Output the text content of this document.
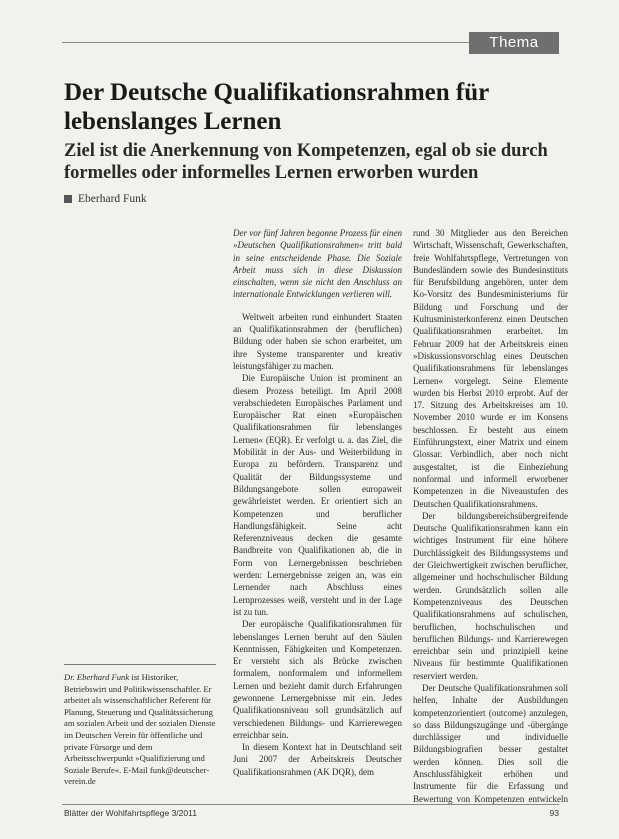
Thema
Der Deutsche Qualifikationsrahmen für lebenslanges Lernen
Ziel ist die Anerkennung von Kompetenzen, egal ob sie durch formelles oder informelles Lernen erworben wurden
Eberhard Funk

Der vor fünf Jahren begonne Prozess für einen »Deutschen Qualifikationsrahmen« tritt bald in seine entscheidende Phase. Die Soziale Arbeit muss sich in diese Diskussion einschalten, wenn sie nicht den Anschluss an internationale Entwicklungen verlieren will.

Weltweit arbeiten rund einhundert Staaten an Qualifikationsrahmen der (beruflichen) Bildung oder haben sie schon erarbeitet, um ihre Systeme transparenter und kreativ leistungsfähiger zu machen.

Die Europäische Union ist prominent an diesem Prozess beteiligt. Im April 2008 verabschiedeten Europäisches Parlament und Europäischer Rat einen »Europäischen Qualifikationsrahmen für lebenslanges Lernen« (EQR). Er verfolgt u. a. das Ziel, die Mobilität in der Aus- und Weiterbildung in Europa zu befördern. Transparenz und Qualität der Bildungssysteme und Bildungsangebote sollen europaweit gewährleistet werden. Er orientiert sich an Kompetenzen und beruflicher Handlungsfähigkeit. Seine acht Referenzniveaus decken die gesamte Bandbreite von Qualifikationen ab, die in Form von Lernergebnissen beschrieben werden: Lernergebnisse zeigen an, was ein Lernender nach Abschluss eines Lernprozesses weiß, versteht und in der Lage ist zu tun.

Der europäische Qualifikationsrahmen für lebenslanges Lernen beruht auf den Säulen Kenntnissen, Fähigkeiten und Kompetenzen. Er versteht sich als Brücke zwischen formalem, nonformalem und informellem Lernen und bezieht damit durch Erfahrungen gewonnene Lernergebnisse mit ein. Jedes Qualifikationsniveau soll grundsätzlich auf verschiedenen Bildungs- und Karrierewegen erreichbar sein.

In diesem Kontext hat in Deutschland seit Juni 2007 der Arbeitskreis Deutscher Qualifikationsrahmen (AK DQR), dem

rund 30 Mitglieder aus den Bereichen Wirtschaft, Wissenschaft, Gewerkschaften, freie Wohlfahrtspflege, Vertretungen von Bundesländern sowie des Bundesinstituts für Berufsbildung angehören, unter dem Ko-Vorsitz des Bundesministeriums für Bildung und Forschung und der Kultusministerkonferenz einen Deutschen Qualifikationsrahmen erarbeitet. Im Februar 2009 hat der Arbeitskreis einen »Diskussionsvorschlag eines Deutschen Qualifikationsrahmens für lebenslanges Lernen« vorgelegt. Seine Elemente wurden bis Herbst 2010 erprobt. Auf der 17. Sitzung des Arbeitskreises am 10. November 2010 wurde er im Konsens beschlossen. Er besteht aus einem Einführungstext, einer Matrix und einem Glossar. Verbindlich, aber noch nicht ausgestaltet, ist die Einbeziehung nonformal und informell erworbener Kompetenzen in die Niveaustufen des Deutschen Qualifikationsrahmens.

Der bildungsbereichsübergreifende Deutsche Qualifikationsrahmen kann ein wichtiges Instrument für eine höhere Durchlässigkeit des Bildungssystems und der Gleichwertigkeit zwischen beruflicher, allgemeiner und hochschulischer Bildung werden. Grundsätzlich sollen alle Kompetenzniveaus des Deutschen Qualifikationsrahmens auf schulischen, beruflichen, hochschulischen und beruflichen Bildungs- und Karrierewegen erreichbar sein und prinzipiell keine Niveaus für bestimmte Qualifikationen reserviert werden.

Der Deutsche Qualifikationsrahmen soll helfen, Inhalte der Ausbildungen kompetenzorientiert (outcome) anzulegen, so dass Bildungszugänge und -übergänge durchlässiger und individuelle Bildungsbiografien besser gestaltet werden können. Dies soll die Anschlussfähigkeit erhöhen und Instrumente für die Erfassung und Bewertung von Kompetenzen entwickeln

Dr. Eberhard Funk ist Historiker, Betriebswirt und Politikwissenschaftler. Er arbeitet als wissenschaftlicher Referent für Planung, Steuerung und Qualitätssicherung am sozialen Arbeit und der sozialen Dienste im Deutschen Verein für öffentliche und private Fürsorge und dem Arbeitsschwerpunkt »Qualifizierung und Soziale Berufe«. E-Mail funk@deutscher-verein.de

Blätter der Wohlfahrtspflege 3/2011	93
